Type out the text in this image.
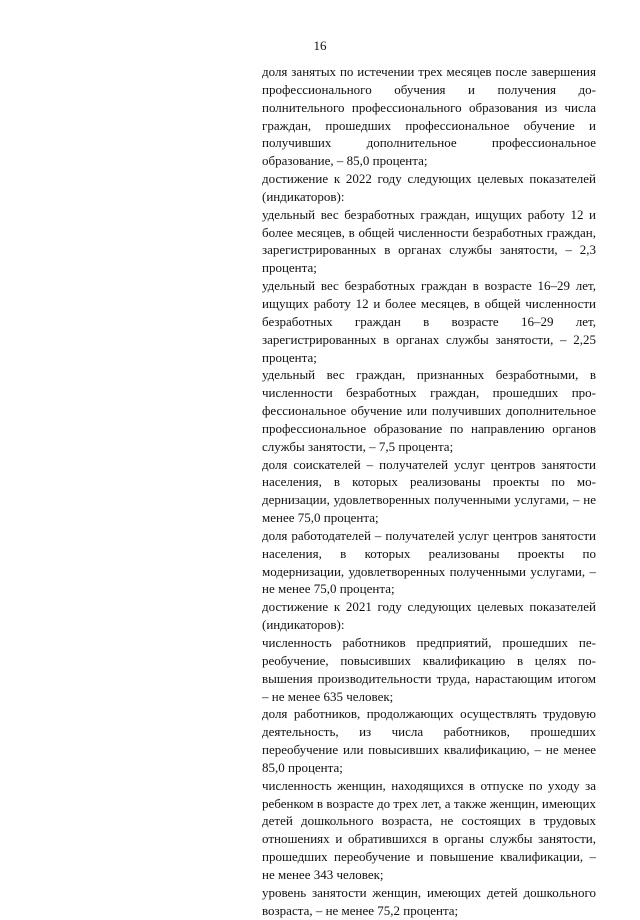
16

доля занятых по истечении трех месяцев после завершения профессионального обучения и получения дополнительного профессионального образования из числа граждан, прошедших профессиональное обучение и получивших дополнительное профессиональное образование, – 85,0 процента;

достижение к 2022 году следующих целевых показателей (индикаторов):

удельный вес безработных граждан, ищущих работу 12 и более месяцев, в общей численности безработных граждан, зарегистрированных в органах службы занятости, – 2,3 процента;

удельный вес безработных граждан в возрасте 16–29 лет, ищущих работу 12 и более месяцев, в общей численности безработных граждан в возрасте 16–29 лет, зарегистрированных в органах службы занятости, – 2,25 процента;

удельный вес граждан, признанных безработными, в численности безработных граждан, прошедших профессиональное обучение или получивших дополнительное профессиональное образование по направлению органов службы занятости, – 7,5 процента;

доля соискателей – получателей услуг центров занятости населения, в которых реализованы проекты по модернизации, удовлетворенных полученными услугами, – не менее 75,0 процента;

доля работодателей – получателей услуг центров занятости населения, в которых реализованы проекты по модернизации, удовлетворенных полученными услугами, – не менее 75,0 процента;

достижение к 2021 году следующих целевых показателей (индикаторов):

численность работников предприятий, прошедших переобучение, повысивших квалификацию в целях повышения производительности труда, нарастающим итогом – не менее 635 человек;

доля работников, продолжающих осуществлять трудовую деятельность, из числа работников, прошедших переобучение или повысивших квалификацию, – не менее 85,0 процента;

численность женщин, находящихся в отпуске по уходу за ребенком в возрасте до трех лет, а также женщин, имеющих детей дошкольного возраста, не состоящих в трудовых отношениях и обратившихся в органы службы занятости, прошедших переобучение и повышение квалификации, – не менее 343 человек;

уровень занятости женщин, имеющих детей дошкольного возраста, – не менее 75,2 процента;
